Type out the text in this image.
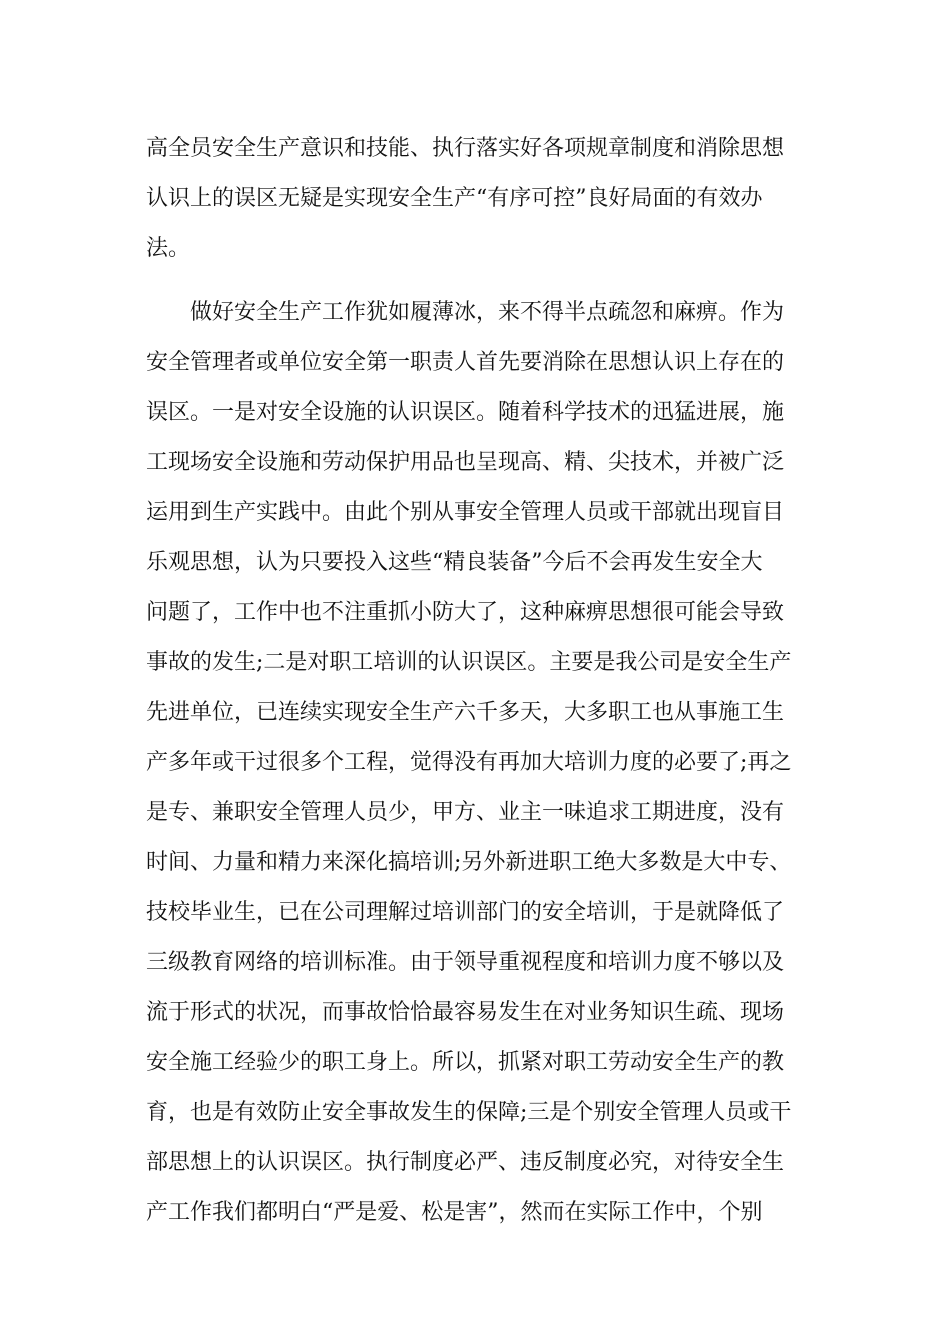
高全员安全生产意识和技能、执行落实好各项规章制度和消除思想
认识上的误区无疑是实现安全生产“有序可控”良好局面的有效办
法。
做好安全生产工作犹如履薄冰，来不得半点疏忽和麻痹。作为
安全管理者或单位安全第一职责人首先要消除在思想认识上存在的
误区。一是对安全设施的认识误区。随着科学技术的迅猛进展，施
工现场安全设施和劳动保护用品也呈现高、精、尖技术，并被广泛
运用到生产实践中。由此个别从事安全管理人员或干部就出现盲目
乐观思想，认为只要投入这些“精良装备”今后不会再发生安全大
问题了，工作中也不注重抓小防大了，这种麻痹思想很可能会导致
事故的发生;二是对职工培训的认识误区。主要是我公司是安全生产
先进单位，已连续实现安全生产六千多天，大多职工也从事施工生
产多年或干过很多个工程，觉得没有再加大培训力度的必要了;再之
是专、兼职安全管理人员少，甲方、业主一味追求工期进度，没有
时间、力量和精力来深化搞培训;另外新进职工绝大多数是大中专、
技校毕业生，已在公司理解过培训部门的安全培训，于是就降低了
三级教育网络的培训标准。由于领导重视程度和培训力度不够以及
流于形式的状况，而事故恰恰最容易发生在对业务知识生疏、现场
安全施工经验少的职工身上。所以，抓紧对职工劳动安全生产的教
育，也是有效防止安全事故发生的保障;三是个别安全管理人员或干
部思想上的认识误区。执行制度必严、违反制度必究，对待安全生
产工作我们都明白“严是爱、松是害”，然而在实际工作中，个别
